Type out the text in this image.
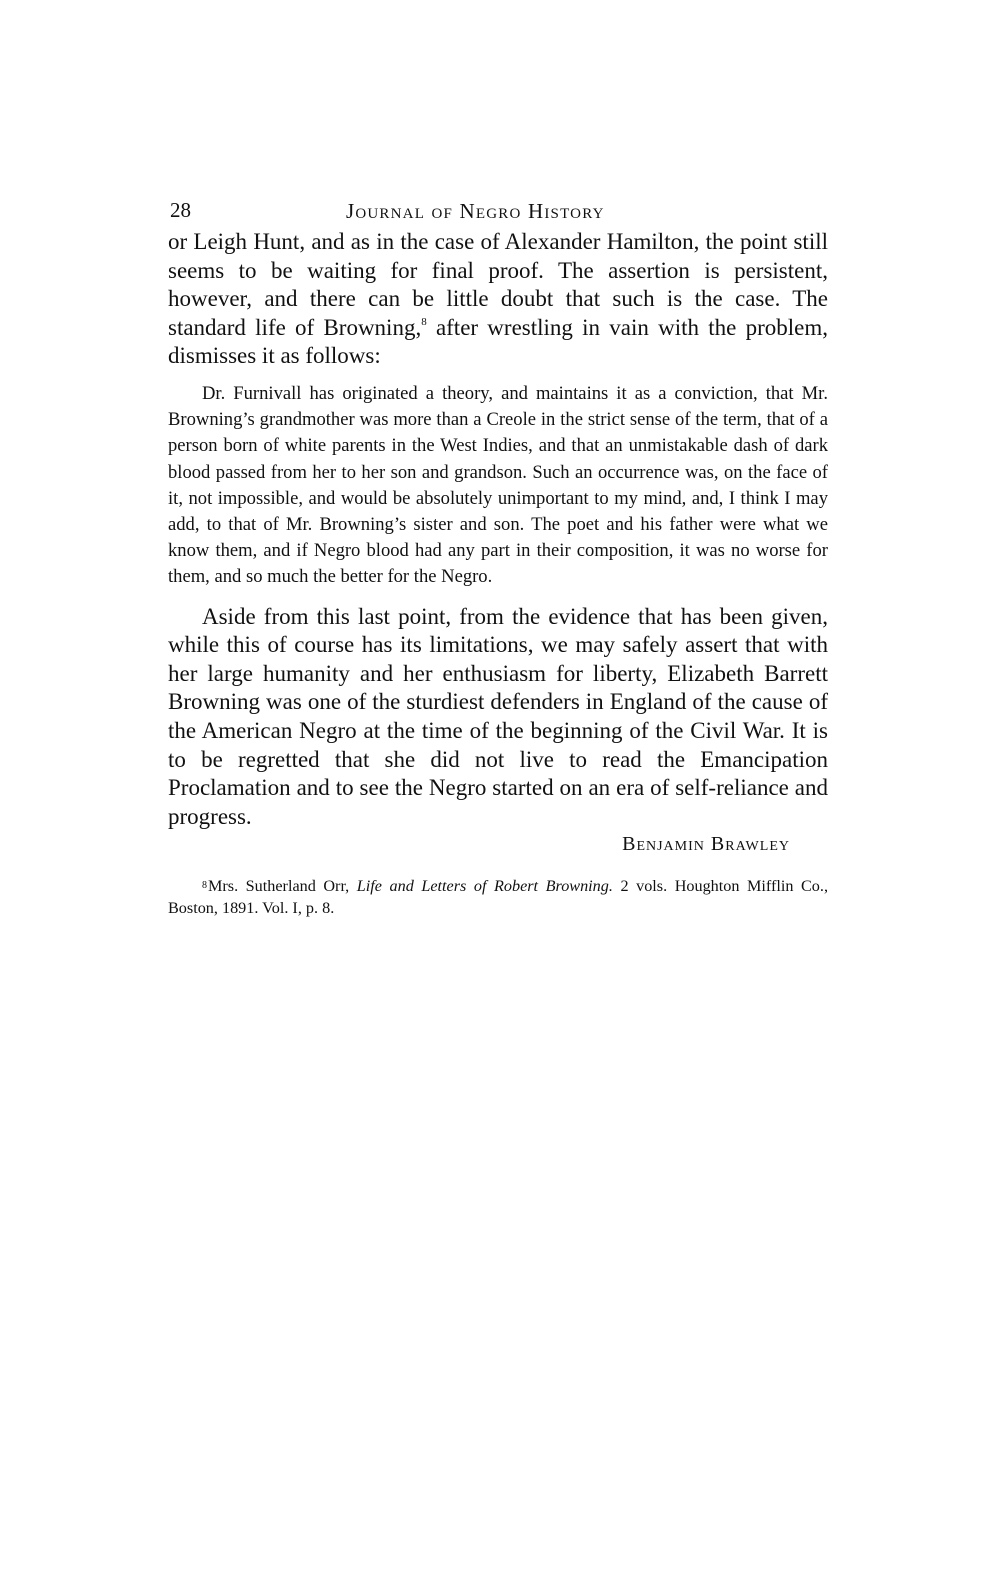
28	Journal of Negro History

or Leigh Hunt, and as in the case of Alexander Hamilton, the point still seems to be waiting for final proof. The assertion is persistent, however, and there can be little doubt that such is the case. The standard life of Browning,$^8$ after wrestling in vain with the problem, dismisses it as follows:

Dr. Furnivall has originated a theory, and maintains it as a conviction, that Mr. Browning’s grandmother was more than a Creole in the strict sense of the term, that of a person born of white parents in the West Indies, and that an unmistakable dash of dark blood passed from her to her son and grandson. Such an occurrence was, on the face of it, not impossible, and would be absolutely unimportant to my mind, and, I think I may add, to that of Mr. Browning’s sister and son. The poet and his father were what we know them, and if Negro blood had any part in their composition, it was no worse for them, and so much the better for the Negro.

Aside from this last point, from the evidence that has been given, while this of course has its limitations, we may safely assert that with her large humanity and her enthusiasm for liberty, Elizabeth Barrett Browning was one of the sturdiest defenders in England of the cause of the American Negro at the time of the beginning of the Civil War. It is to be regretted that she did not live to read the Emancipation Proclamation and to see the Negro started on an era of self-reliance and progress.

Benjamin Brawley
8Mrs. Sutherland Orr, Life and Letters of Robert Browning. 2 vols. Houghton Mifflin Co., Boston, 1891. Vol. I, p. 8.
